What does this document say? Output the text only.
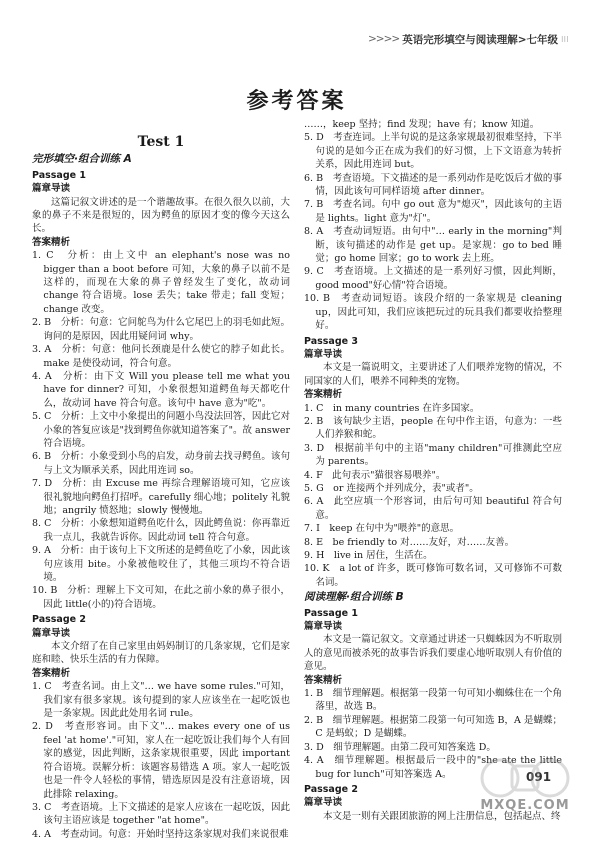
>>>> 英语完形填空与阅读理解>七年级 ⁝⁝⁝
参考答案
Test 1
完形填空·组合训练 A
Passage 1
篇章导读

这篇记叙文讲述的是一个谐趣故事。在很久很久以前，大象的鼻子不来是很短的，因为鳄鱼的原因才变的像今天这么长。

答案精析

1. C　分析：由上文中 an elephant's nose was no bigger than a boot before 可知，大象的鼻子以前不是这样的，而现在大象的鼻子曾经发生了变化，故动词 change 符合语境。lose 丢失；take 带走；fall 变短；change 改变。

2. B　分析：句意：它问鸵鸟为什么它尾巴上的羽毛如此短。询问的是原因，因此用疑问词 why。

3. A　分析：句意：他问长颈鹿是什么使它的脖子如此长。make 是使役动词，符合句意。

4. A　分析：由下文 Will you please tell me what you have for dinner? 可知，小象很想知道鳄鱼每天都吃什么，故动词 have 符合句意。该句中 have 意为"吃"。

5. C　分析：上文中小象提出的问题小鸟没法回答，因此它对小象的答复应该是"找到鳄鱼你就知道答案了"。故 answer 符合语境。

6. B　分析：小象受到小鸟的启发，动身前去找寻鳄鱼。该句与上文为顺承关系，因此用连词 so。

7. D　分析：由 Excuse me 再综合理解语境可知，它应该很礼貌地向鳄鱼打招呼。carefully 细心地；politely 礼貌地；angrily 愤怒地；slowly 慢慢地。

8. C　分析：小象想知道鳄鱼吃什么，因此鳄鱼说：你再靠近我一点儿，我就告诉你。因此动词 tell 符合句意。

9. A　分析：由于该句上下文所述的是鳄鱼吃了小象，因此该句应该用 bite。小象被他咬住了，其他三项均不符合语境。

10. B　分析：理解上下文可知，在此之前小象的鼻子很小，因此 little(小的)符合语境。

Passage 2
篇章导读

本文介绍了在自己家里由妈妈制订的几条家规，它们是家庭和睦、快乐生活的有力保障。

答案精析

1. C　考查名词。由上文"… we have some rules."可知，我们家有很多家规。该句提到的家人应该坐在一起吃饭也是一条家规。因此此处用名词 rule。

2. D　考查形容词。由下文"… makes every one of us feel 'at home'."可知，家人在一起吃饭让我们每个人有回家的感觉，因此判断，这条家规很重要，因此 important 符合语境。误解分析：该题容易错选 A 项。家人一起吃饭也是一件令人轻松的事情，错选原因是没有注意语境，因此排除 relaxing。

3. C　考查语境。上下文描述的是家人应该在一起吃饭，因此该句主语应该是 together "at home"。

4. A　考查动词。句意：开始时坚持这条家规对我们来说很难

……，keep 坚持；find 发现；have 有；know 知道。

5. D　考查连词。上半句说的是这条家规最初很难坚持，下半句说的是如今正在成为我们的好习惯，上下文语意为转折关系，因此用连词 but。

6. B　考查语境。下文描述的是一系列动作是吃饭后才做的事情，因此该句可同样语境 after dinner。

7. B　考查名词。句中 go out 意为"熄灭"，因此该句的主语是 lights。light 意为"灯"。

8. A　考查动词短语。由句中"… early in the morning"判断，该句描述的动作是 get up。是家规：go to bed 睡觉；go home 回家；go to work 去上班。

9. C　考查语境。上文描述的是一系列好习惯，因此判断，good mood"好心情"符合语境。

10. B　考查动词短语。该段介绍的一条家规是 cleaning up，因此可知，我们应该把玩过的玩具我们都要收拾整理好。

Passage 3
篇章导读

本文是一篇说明文，主要讲述了人们喂养宠物的情况，不同国家的人们，喂养不同种类的宠物。

答案精析

1. C　in many countries 在许多国家。

2. B　该句缺少主语，people 在句中作主语，句意为：一些人们养猴和蛇。

3. D　根据前半句中的主语"many children"可推测此空应为 parents。

4. F　此句表示"猫很容易喂养"。

5. G　or 连接两个并列成分，表"或者"。

6. A　此空应填一个形容词，由后句可知 beautiful 符合句意。

7. I　keep 在句中为"喂养"的意思。

8. E　be friendly to 对……友好，对……友善。

9. H　live in 居住，生活在。

10. K　a lot of 许多，既可修饰可数名词，又可修饰不可数名词。

阅读理解·组合训练 B
Passage 1
篇章导读

本文是一篇记叙文。文章通过讲述一只蜘蛛因为不听取别人的意见而被杀死的故事告诉我们要虚心地听取别人有价值的意见。

答案精析

1. B　细节理解题。根据第一段第一句可知小蜘蛛住在一个角落里，故选 B。

2. B　细节理解题。根据第二段第一句可知选 B，A 是蝴蝶；C 是蚂蚁；D 是蝴蝶。

3. D　细节理解题。由第二段可知答案选 D。

4. A　细节理解题。根据最后一段中的"she ate the little bug for lunch"可知答案选 A。

Passage 2
篇章导读

本文是一则有关跟团旅游的网上注册信息，包括起点、终

091
MXQE.COM
